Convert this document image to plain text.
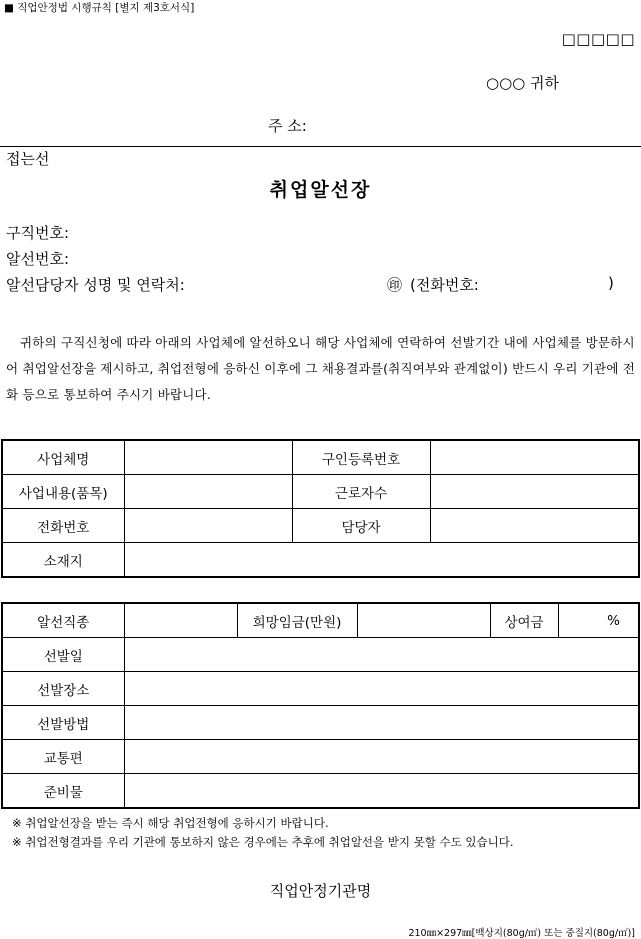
■ 직업안정법 시행규칙 [별지 제3호서식]
□□□□□
○○○ 귀하
주 소:
접는선
취업알선장
구직번호:
알선번호:
알선담당자 성명 및 연락처:	㊞ (전화번호:	)
귀하의 구직신청에 따라 아래의 사업체에 알선하오니 해당 사업체에 연락하여 선발기간 내에 사업체를 방문하시어 취업알선장을 제시하고, 취업전형에 응하신 이후에 그 채용결과를(취직여부와 관계없이) 반드시 우리 기관에 전화 등으로 통보하여 주시기 바랍니다.
사업체명		구인등록번호	
사업내용(품목)		근로자수	
전화번호		담당자	
소재지			
알선직종		희망임금(만원)		상여금	%
선발일					
선발장소					
선발방법					
교통편					
준비물					
※ 취업알선장을 받는 즉시 해당 취업전형에 응하시기 바랍니다.
※ 취업전형결과를 우리 기관에 통보하지 않은 경우에는 추후에 취업알선을 받지 못할 수도 있습니다.
직업안정기관명
210㎜×297㎜[백상지(80g/㎡) 또는 중질지(80g/㎡)]
